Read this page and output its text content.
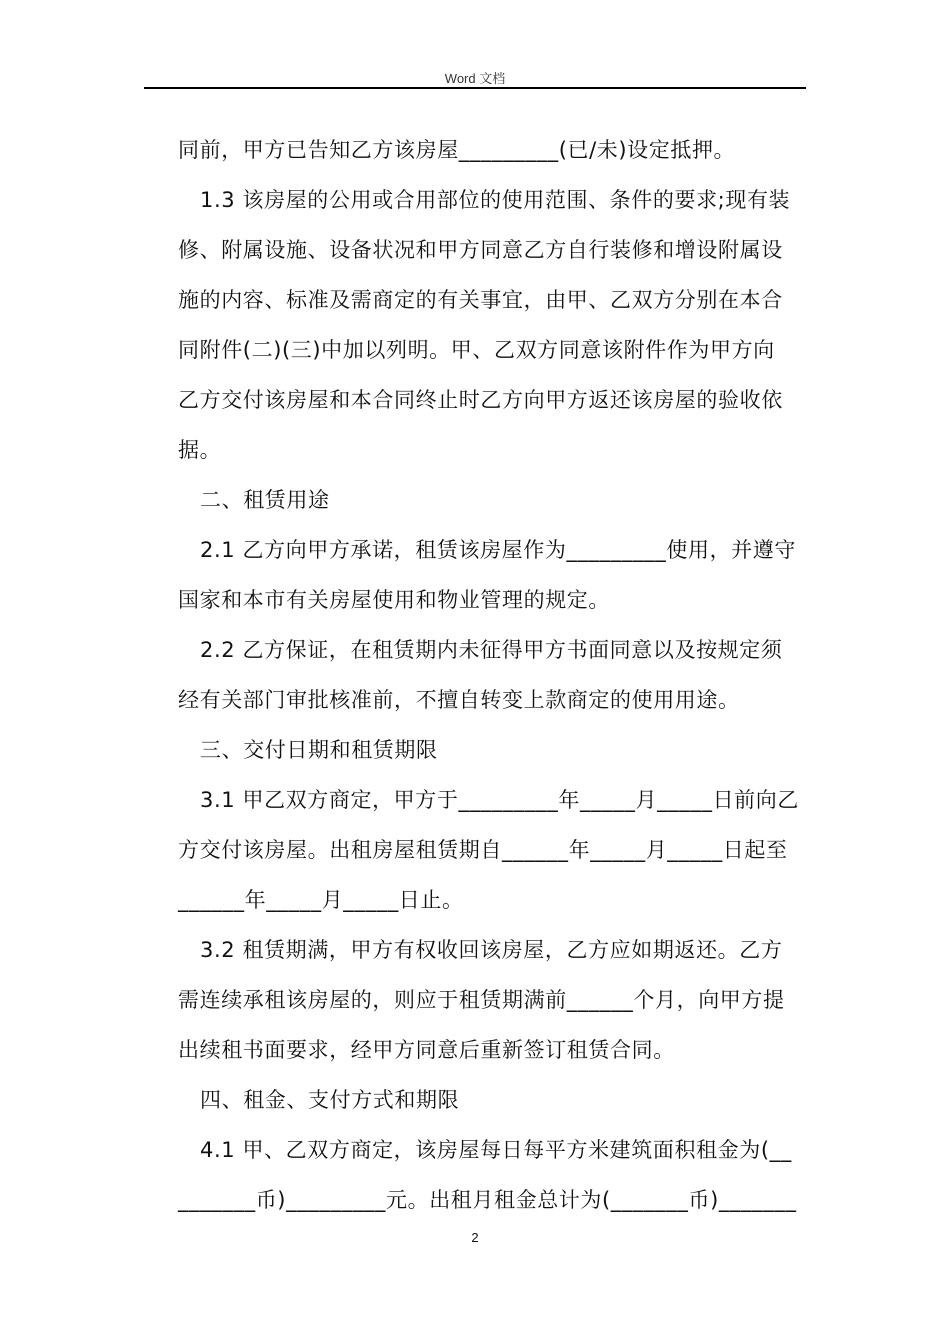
Word 文档
同前，甲方已告知乙方该房屋_________(已/未)设定抵押。
1.3 该房屋的公用或合用部位的使用范围、条件的要求;现有装
修、附属设施、设备状况和甲方同意乙方自行装修和增设附属设
施的内容、标准及需商定的有关事宜，由甲、乙双方分别在本合
同附件(二)(三)中加以列明。甲、乙双方同意该附件作为甲方向
乙方交付该房屋和本合同终止时乙方向甲方返还该房屋的验收依
据。
二、租赁用途
2.1 乙方向甲方承诺，租赁该房屋作为_________使用，并遵守
国家和本市有关房屋使用和物业管理的规定。
2.2 乙方保证，在租赁期内未征得甲方书面同意以及按规定须
经有关部门审批核准前，不擅自转变上款商定的使用用途。
三、交付日期和租赁期限
3.1 甲乙双方商定，甲方于_________年_____月_____日前向乙
方交付该房屋。出租房屋租赁期自______年_____月_____日起至
______年_____月_____日止。
3.2 租赁期满，甲方有权收回该房屋，乙方应如期返还。乙方
需连续承租该房屋的，则应于租赁期满前______个月，向甲方提
出续租书面要求，经甲方同意后重新签订租赁合同。
四、租金、支付方式和期限
4.1 甲、乙双方商定，该房屋每日每平方米建筑面积租金为(__
_______币)_________元。出租月租金总计为(_______币)_______
2
